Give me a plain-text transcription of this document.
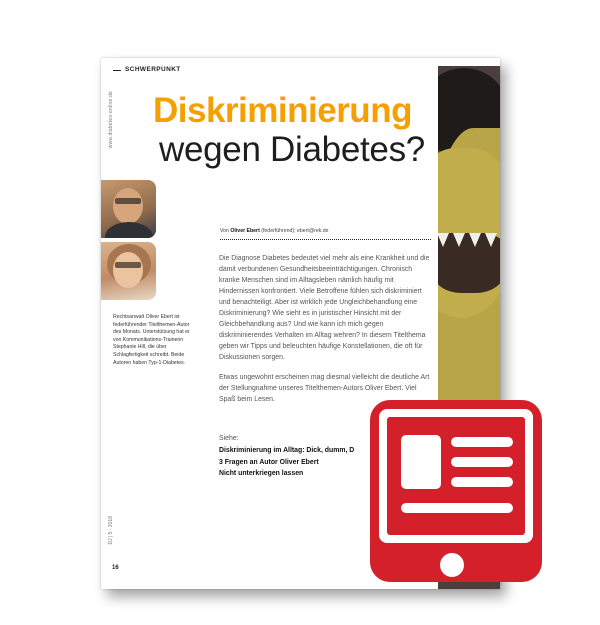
SCHWERPUNKT
www.diabetes-online.de
DJ | 5 · 2018
16
Diskriminierung
wegen Diabetes?
Rechtsanwalt Oliver Ebert ist federführender Titelthemen-Autor des Monats. Unterstützung hat er von Kommunikations-Trainerin Stephanie Hill, die über Schlagfertigkeit schreibt. Beide Autoren haben Typ-1-Diabetes.
Von Oliver Ebert (federführend); ebert@rek.de

Die Diagnose Diabetes bedeutet viel mehr als eine Krankheit und die damit verbundenen Gesundheitsbeeinträchtigungen. Chronisch kranke Menschen sind im Alltagsleben nämlich häufig mit Hindernissen konfrontiert. Viele Betroffene fühlen sich diskriminiert und benachteiligt. Aber ist wirklich jede Ungleichbehandlung eine Diskriminierung? Wie sieht es in juristischer Hinsicht mit der Gleichbehandlung aus? Und wie kann ich mich gegen diskriminierendes Verhalten im Alltag wehren? In diesem Titelthema geben wir Tipps und beleuchten häufige Konstellationen, die oft für Diskussionen sorgen.

Etwas ungewohnt erscheinen mag diesmal vielleicht die deutliche Art der Stellungnahme unseres Titelthemen-Autors Oliver Ebert. Viel Spaß beim Lesen.

Siehe:
Diskriminierung im Alltag: Dick, dumm, D
3 Fragen an Autor Oliver Ebert
Nicht unterkriegen lassen
